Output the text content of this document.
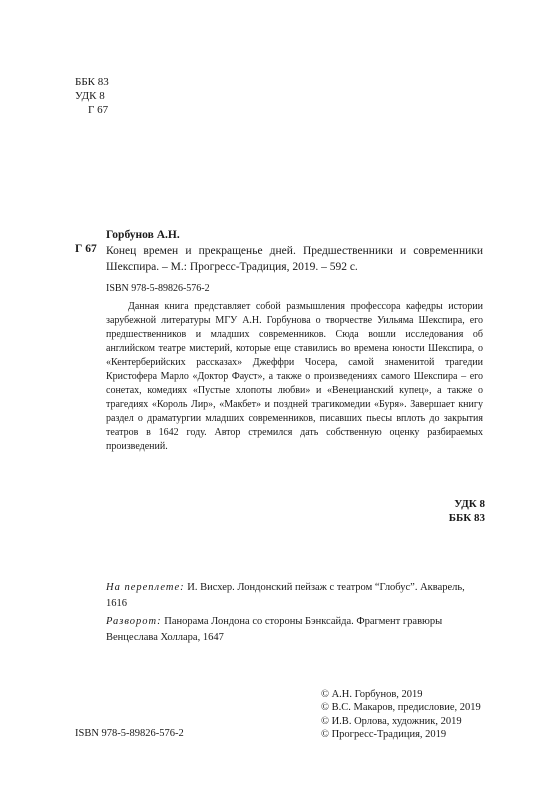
ББК 83
УДК 8
Г 67
Горбунов А.Н.
Г 67 Конец времен и прекращенье дней. Предшественники и современники Шекспира. – М.: Прогресс-Традиция, 2019. – 592 с.
ISBN 978-5-89826-576-2

Данная книга представляет собой размышления профессора кафедры истории зарубежной литературы МГУ А.Н. Горбунова о творчестве Уильяма Шекспира, его предшественников и младших современников. Сюда вошли исследования об английском театре мистерий, которые еще ставились во времена юности Шекспира, о «Кентерберийских рассказах» Джеффри Чосера, самой знаменитой трагедии Кристофера Марло «Доктор Фауст», а также о произведениях самого Шекспира – его сонетах, комедиях «Пустые хлопоты любви» и «Венецианский купец», а также о трагедиях «Король Лир», «Макбет» и поздней трагикомедии «Буря». Завершает книгу раздел о драматургии младших современников, писавших пьесы вплоть до закрытия театров в 1642 году. Автор стремился дать собственную оценку разбираемых произведений.

УДК 8
ББК 83
На переплете: И. Висхер. Лондонский пейзаж с театром “Глобус”. Акварель, 1616
Разворот: Панорама Лондона со стороны Бэнксайда. Фрагмент гравюры Венцеслава Холлара, 1647
© А.Н. Горбунов, 2019
© В.С. Макаров, предисловие, 2019
© И.В. Орлова, художник, 2019
© Прогресс-Традиция, 2019
ISBN 978-5-89826-576-2
